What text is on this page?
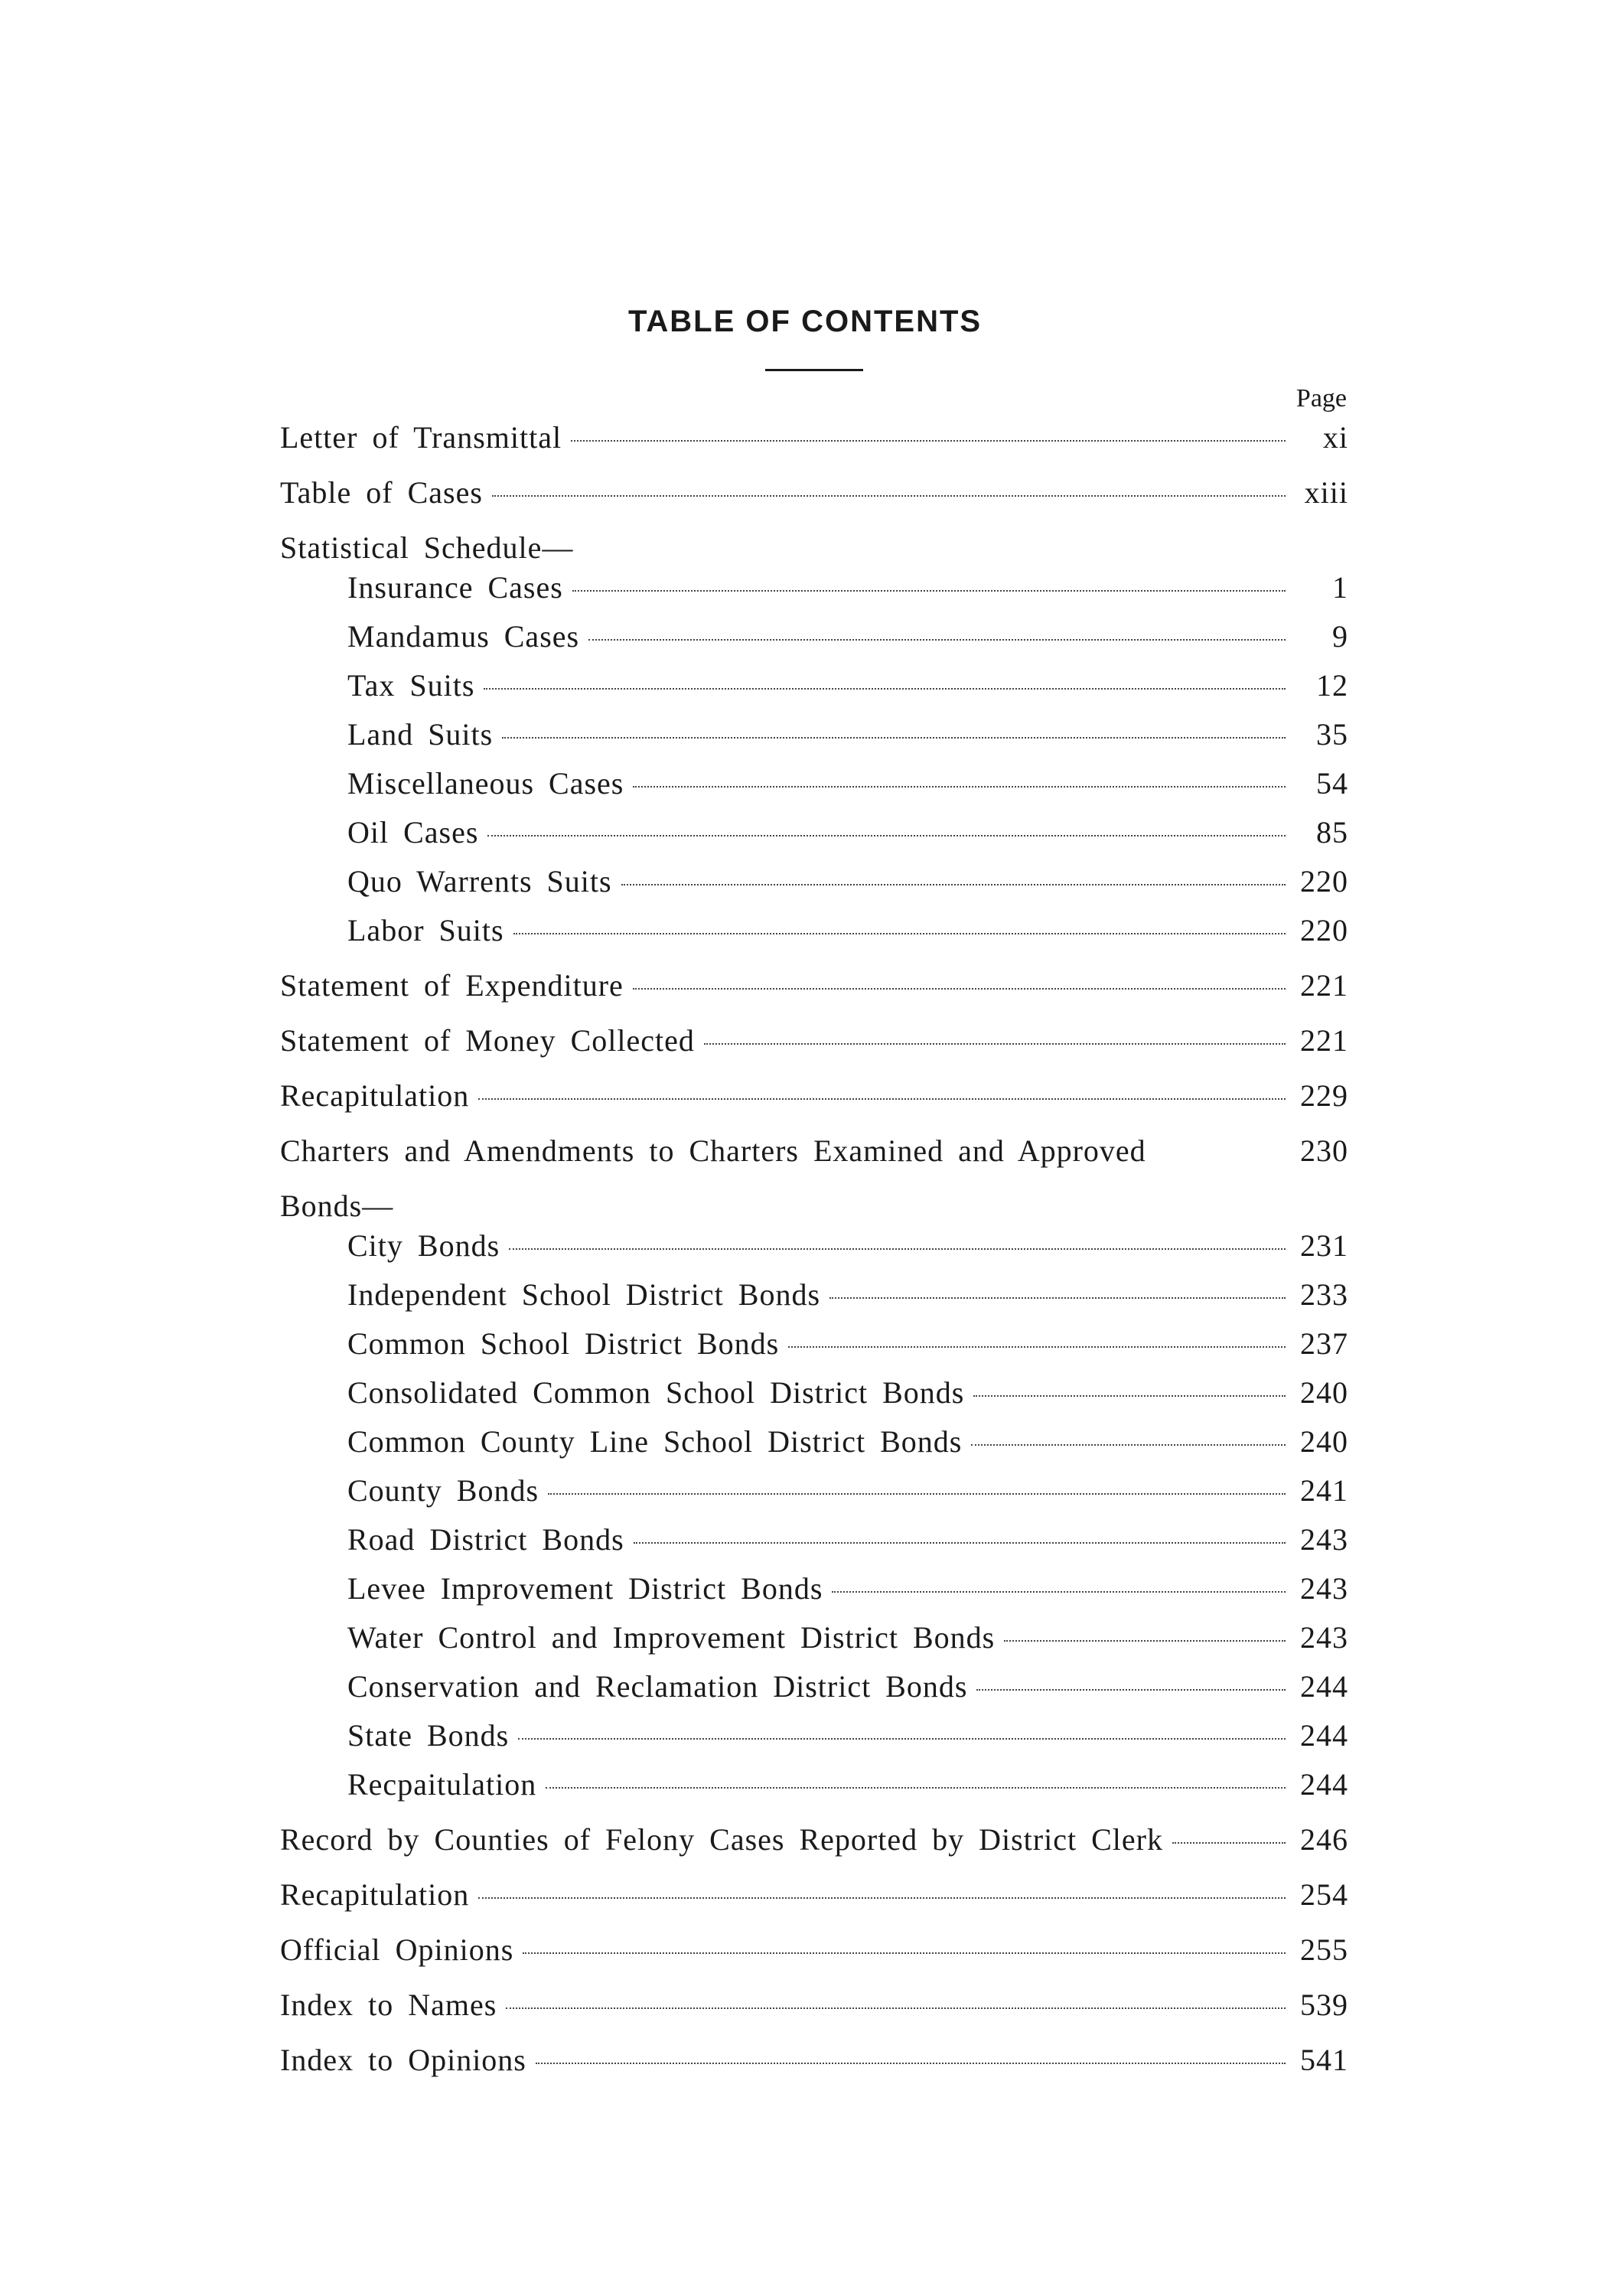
TABLE OF CONTENTS
Page
Letter of Transmittal	xi
Table of Cases	xiii
Statistical Schedule—
Insurance Cases	1
Mandamus Cases	9
Tax Suits	12
Land Suits	35
Miscellaneous Cases	54
Oil Cases	85
Quo Warrents Suits	220
Labor Suits	220
Statement of Expenditure	221
Statement of Money Collected	221
Recapitulation	229
Charters and Amendments to Charters Examined and Approved	230
Bonds—
City Bonds	231
Independent School District Bonds	233
Common School District Bonds	237
Consolidated Common School District Bonds	240
Common County Line School District Bonds	240
County Bonds	241
Road District Bonds	243
Levee Improvement District Bonds	243
Water Control and Improvement District Bonds	243
Conservation and Reclamation District Bonds	244
State Bonds	244
Recpaitulation	244
Record by Counties of Felony Cases Reported by District Clerk	246
Recapitulation	254
Official Opinions	255
Index to Names	539
Index to Opinions	541
